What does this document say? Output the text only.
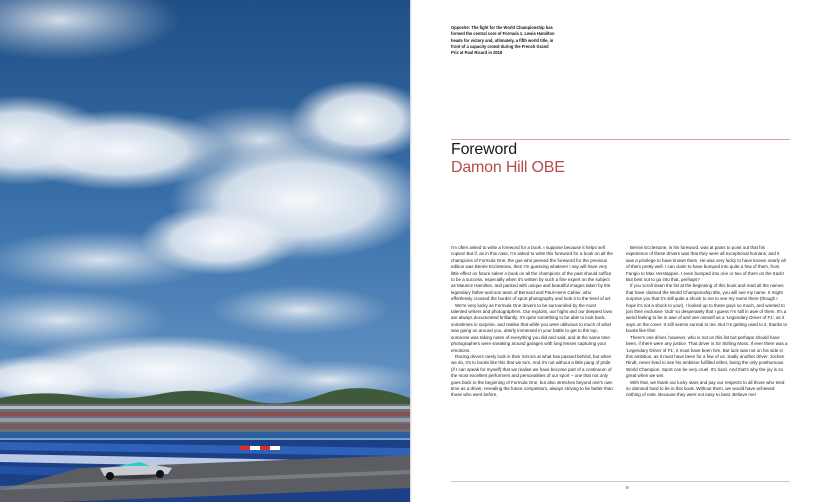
Opposite: The fight for the World Championship has formed the central core of Formula 1. Lewis Hamilton heads for victory and, ultimately, a fifth world title, in front of a capacity crowd during the French Grand Prix at Paul Ricard in 2018

Foreword
Damon Hill OBE

I'm often asked to write a foreword for a book. I suppose because it helps sell copies! But if, as in this case, I'm asked to write this foreword for a book on all the champions of Formula One, the gue who penned the foreword for the previous edition was Bernie Ecclestone, then I'm guessing whatever I say will have very little effect on future sales! A book on all the champions of the past should suffice to be a success, especially when it's written by such a fine expert on the subject as Maurice Hamilton, and packed with unique and beautiful images taken by the legendary father-and-son team of Bernard and Paul-Henri Cahier, who effortlessly crossed the border of sport photography and took it to the level of art.

We're very lucky as Formula One drivers to be surrounded by the most talented writers and photographers. Our exploits, our highs and our deepest lows are always documented brilliantly. It's quite something to be able to look back, sometimes in surprise, and realise that while you were oblivious to much of what was going on around you, utterly immersed in your battle to get to the top, someone was taking notes of everything you did and said, and at the same time photographers were sneaking around garages with long lenses capturing your emotions.

Racing drivers rarely look in their mirrors at what has passed behind, but when we do, it's to books like this that we turn. And it's not without a little pang of pride (if I can speak for myself) that we realise we have become part of a continuum of the most excellent performers and personalities of our sport – one that not only goes back to the beginning of Formula One, but also stretches beyond one's own time as a driver, revealing the future competitors, always striving to be better than those who went before.

Bernie Ecclestone, in his foreword, was at pains to point out that his experience of these drivers was that they were all exceptional humans, and it was a privilege to have known them. He was very lucky to have known nearly all of them pretty well. I can claim to have bumped into quite a few of them, from Fangio to Max Verstappen. I even bumped into one or two of them on the track! But best not to go into that, perhaps?

If you scroll down the list at the beginning of this book and read all the names that have claimed the World Championship title, you will see my name. It might surprise you that it's still quite a shock to me to see my name there (though I hope it's not a shock to you!). I looked up to these guys so much, and wanted to join their exclusive 'club' so desperately that I guess I'm still in awe of them. It's a weird feeling to be in awe of and see oneself as a 'Legendary Driver of F1', as it says on the cover. It still seems surreal to me. But I'm getting used to it, thanks to books like this!

There's one driver, however, who is not on this list but perhaps should have been, if there were any justice. That driver is Sir Stirling Moss. If ever there was a 'Legendary Driver of F1', it must have been him. But luck was not on his side in this ambition, as it must have been for a few of us. Sadly another driver, Jochen Rindt, never lived to see his ambition fulfilled either, being the only posthumous World Champion. Sport can be very cruel. It's hard. And that's why the joy is so great when we win.

With that, we thank our lucky stars and pay our respects to all those who tried so damned hard to be in this book. Without them, we would have achieved nothing of note. Because they were not easy to beat. Believe me!

9
